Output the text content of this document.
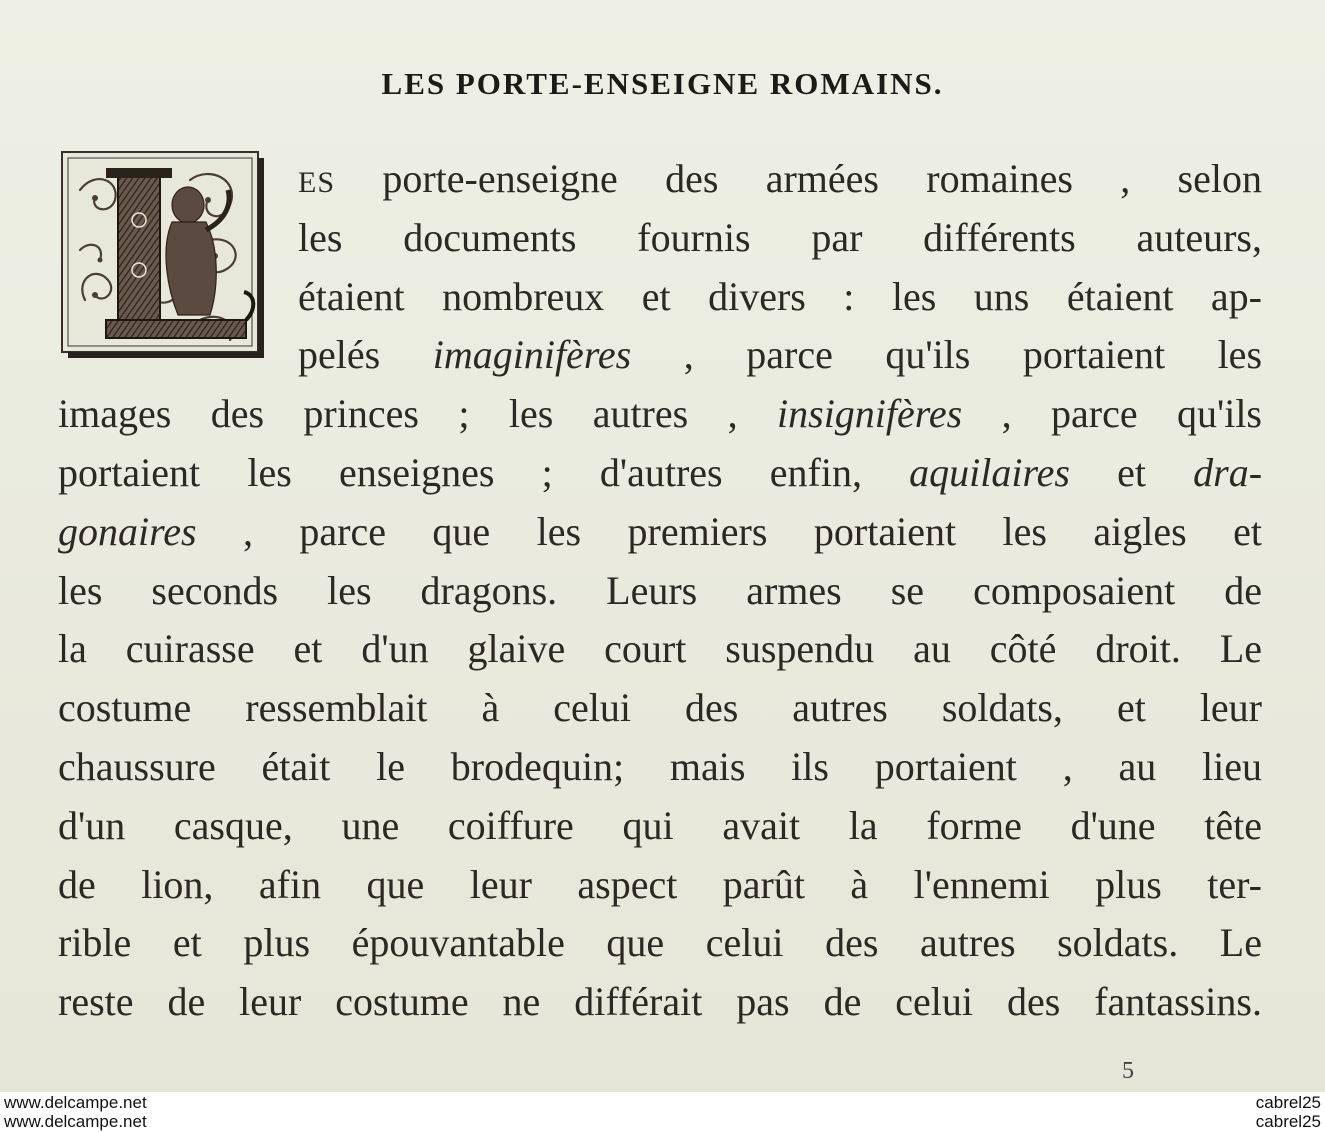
LES PORTE-ENSEIGNE ROMAINS.

ES porte-enseigne des armées romaines , selon

les documents fournis par différents auteurs,

étaient nombreux et divers : les uns étaient ap-

pelés imaginifères , parce qu'ils portaient les

images des princes ; les autres , insignifères , parce qu'ils

portaient les enseignes ; d'autres enfin, aquilaires et dra-

gonaires , parce que les premiers portaient les aigles et

les seconds les dragons. Leurs armes se composaient de

la cuirasse et d'un glaive court suspendu au côté droit. Le

costume ressemblait à celui des autres soldats, et leur

chaussure était le brodequin; mais ils portaient , au lieu

d'un casque, une coiffure qui avait la forme d'une tête

de lion, afin que leur aspect parût à l'ennemi plus ter-

rible et plus épouvantable que celui des autres soldats. Le

reste de leur costume ne différait pas de celui des fantassins.

5
www.delcampe.net
www.delcampe.net
cabrel25
cabrel25
